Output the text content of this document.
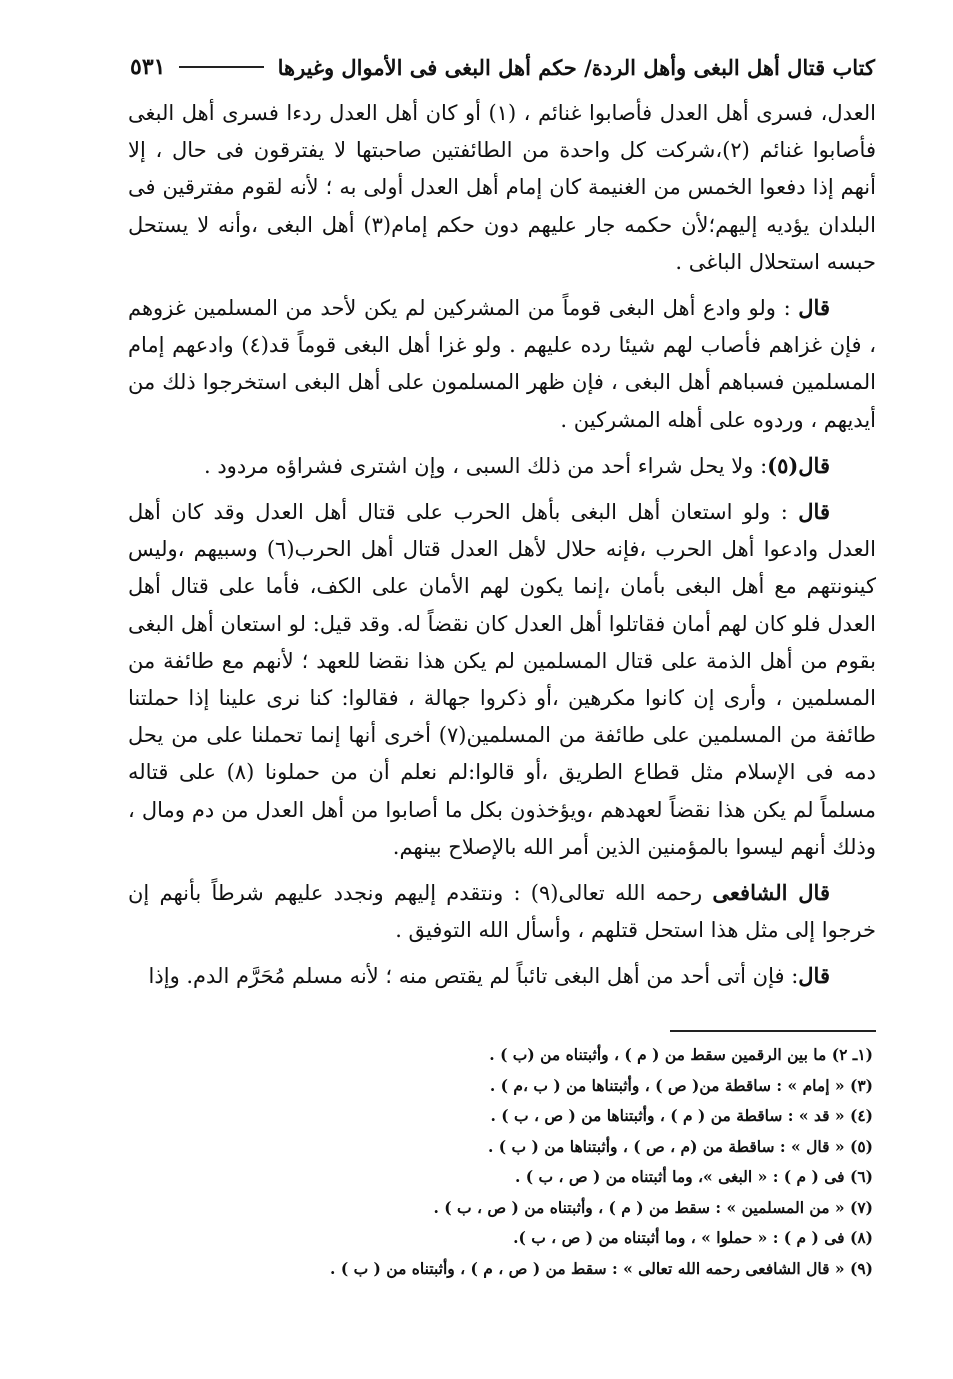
كتاب قتال أهل البغى وأهل الردة/ حكم أهل البغى فى الأموال وغيرها
٥٣١

العدل، فسرى أهل العدل فأصابوا غنائم ، (١) أو كان أهل العدل ردءا فسرى أهل البغى فأصابوا غنائم (٢)،شركت كل واحدة من الطائفتين صاحبتها لا يفترقون فى حال ، إلا أنهم إذا دفعوا الخمس من الغنيمة كان إمام أهل العدل أولى به ؛ لأنه لقوم مفترقين فى البلدان يؤديه إليهم؛لأن حكمه جار عليهم دون حكم إمام(٣) أهل البغى ،وأنه لا يستحل حبسه استحلال الباغى .

قال : ولو وادع أهل البغى قوماً من المشركين لم يكن لأحد من المسلمين غزوهم ، فإن غزاهم فأصاب لهم شيئا رده عليهم . ولو غزا أهل البغى قوماً قد(٤) وادعهم إمام المسلمين فسباهم أهل البغى ، فإن ظهر المسلمون على أهل البغى استخرجوا ذلك من أيديهم ، وردوه على أهله المشركين .

قال(٥): ولا يحل شراء أحد من ذلك السبى ، وإن اشترى فشراؤه مردود .

قال : ولو استعان أهل البغى بأهل الحرب على قتال أهل العدل وقد كان أهل العدل وادعوا أهل الحرب ،فإنه حلال لأهل العدل قتال أهل الحرب(٦) وسبيهم ،وليس كينونتهم مع أهل البغى بأمان ،إنما يكون لهم الأمان على الكف، فأما على قتال أهل العدل فلو كان لهم أمان فقاتلوا أهل العدل كان نقضاً له. وقد قيل: لو استعان أهل البغى بقوم من أهل الذمة على قتال المسلمين لم يكن هذا نقضا للعهد ؛ لأنهم مع طائفة من المسلمين ، وأرى إن كانوا مكرهين ،أو ذكروا جهالة ، فقالوا: كنا نرى علينا إذا حملتنا طائفة من المسلمين على طائفة من المسلمين(٧) أخرى أنها إنما تحملنا على من يحل دمه فى الإسلام مثل قطاع الطريق ،أو قالوا:لم نعلم أن من حملونا (٨) على قتاله مسلماً لم يكن هذا نقضاً لعهدهم ،ويؤخذون بكل ما أصابوا من أهل العدل من دم ومال ، وذلك أنهم ليسوا بالمؤمنين الذين أمر الله بالإصلاح بينهم.

قال الشافعى رحمه الله تعالى(٩) : ونتقدم إليهم ونجدد عليهم شرطاً بأنهم إن خرجوا إلى مثل هذا استحل قتلهم ، وأسأل الله التوفيق .

قال: فإن أتى أحد من أهل البغى تائباً لم يقتص منه ؛ لأنه مسلم مُحَرَّم الدم. وإذا

(١ـ ٢) ما بين الرقمين سقط من ( م ) ، وأثبتناه من (ب ) .

(٣) « إمام » : ساقطة من( ص ) ، وأثبتناها من ( ب ،م ) .

(٤) « قد » : ساقطة من ( م ) ، وأثبتناها من ( ص ، ب ) .

(٥) « قال » : ساقطة من (م ، ص ) ، وأثبتناها من ( ب ) .

(٦) فى ( م ) : « البغى »، وما أثبتناه من ( ص ، ب ) .

(٧) « من المسلمين » : سقط من ( م ) ، وأثبتناه من ( ص ، ب ) .

(٨) فى ( م ) : « حملوا » ، وما أثبتناه من ( ص ، ب ).

(٩) « قال الشافعى رحمه الله تعالى » : سقط من ( ص ، م ) ، وأثبتناه من ( ب ) .
